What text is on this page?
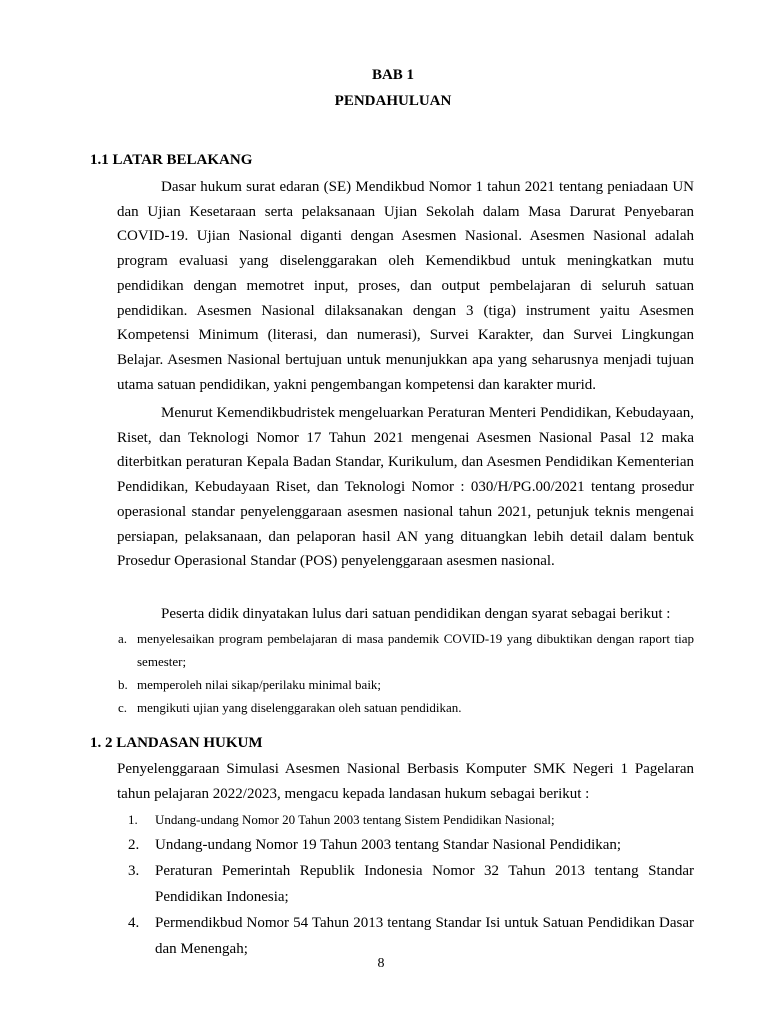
BAB 1
PENDAHULUAN
1.1 LATAR BELAKANG
Dasar hukum surat edaran (SE) Mendikbud Nomor 1 tahun 2021 tentang peniadaan UN dan Ujian Kesetaraan serta pelaksanaan Ujian Sekolah dalam Masa Darurat Penyebaran COVID-19. Ujian Nasional diganti dengan Asesmen Nasional. Asesmen Nasional adalah program evaluasi yang diselenggarakan oleh Kemendikbud untuk meningkatkan mutu pendidikan dengan memotret input, proses, dan output pembelajaran di seluruh satuan pendidikan. Asesmen Nasional dilaksanakan dengan 3 (tiga) instrument yaitu Asesmen Kompetensi Minimum (literasi, dan numerasi), Survei Karakter, dan Survei Lingkungan Belajar. Asesmen Nasional bertujuan untuk menunjukkan apa yang seharusnya menjadi tujuan utama satuan pendidikan, yakni pengembangan kompetensi dan karakter murid.
Menurut Kemendikbudristek mengeluarkan Peraturan Menteri Pendidikan, Kebudayaan, Riset, dan Teknologi Nomor 17 Tahun 2021 mengenai Asesmen Nasional Pasal 12 maka diterbitkan peraturan Kepala Badan Standar, Kurikulum, dan Asesmen Pendidikan Kementerian Pendidikan, Kebudayaan Riset, dan Teknologi Nomor : 030/H/PG.00/2021 tentang prosedur operasional standar penyelenggaraan asesmen nasional tahun 2021, petunjuk teknis mengenai persiapan, pelaksanaan, dan pelaporan hasil AN yang dituangkan lebih detail dalam bentuk Prosedur Operasional Standar (POS) penyelenggaraan asesmen nasional.
Peserta didik dinyatakan lulus dari satuan pendidikan dengan syarat sebagai berikut :
a. menyelesaikan program pembelajaran di masa pandemik COVID-19 yang dibuktikan dengan raport tiap semester;
b. memperoleh nilai sikap/perilaku minimal baik;
c. mengikuti ujian yang diselenggarakan oleh satuan pendidikan.
1. 2 LANDASAN HUKUM
Penyelenggaraan Simulasi Asesmen Nasional Berbasis Komputer SMK Negeri 1 Pagelaran tahun pelajaran 2022/2023, mengacu kepada landasan hukum sebagai berikut :
1. Undang-undang Nomor 20 Tahun 2003 tentang Sistem Pendidikan Nasional;
2. Undang-undang Nomor 19 Tahun 2003 tentang Standar Nasional Pendidikan;
3. Peraturan Pemerintah Republik Indonesia Nomor 32 Tahun 2013 tentang Standar Pendidikan Indonesia;
4. Permendikbud Nomor 54 Tahun 2013 tentang Standar Isi untuk Satuan Pendidikan Dasar dan Menengah;
8
